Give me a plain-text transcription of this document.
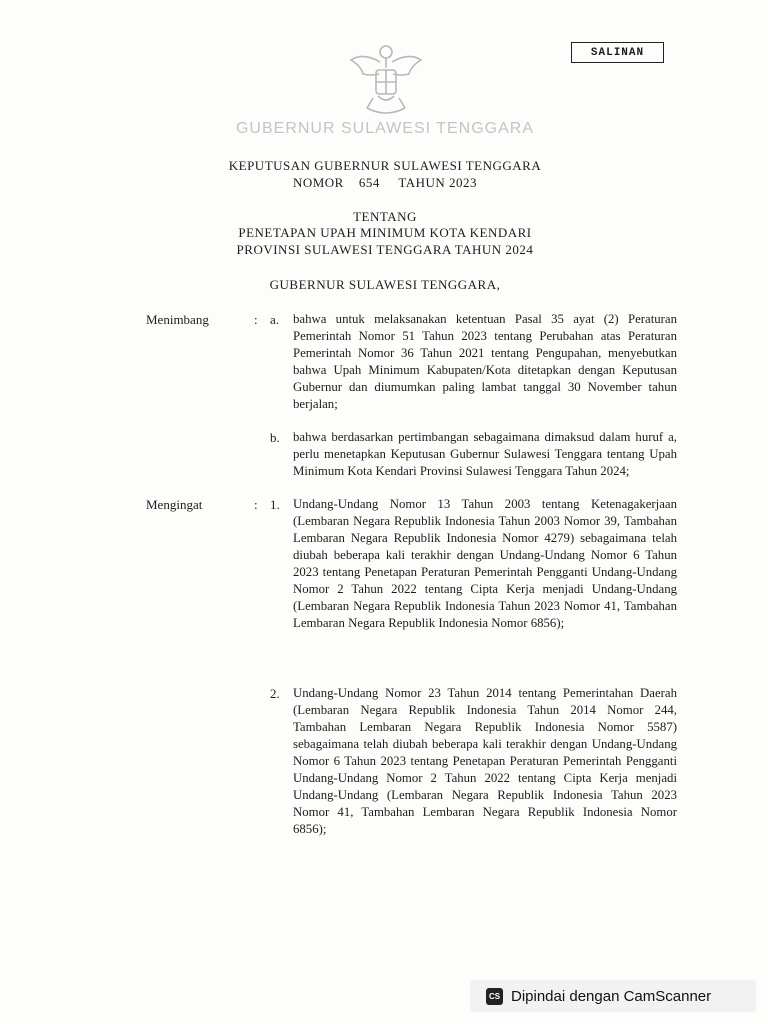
SALINAN
GUBERNUR SULAWESI TENGGARA
KEPUTUSAN GUBERNUR SULAWESI TENGGARA
NOMOR    654     TAHUN 2023
TENTANG
PENETAPAN UPAH MINIMUM KOTA KENDARI
PROVINSI SULAWESI TENGGARA TAHUN 2024
GUBERNUR SULAWESI TENGGARA,
Menimbang	: a. bahwa untuk melaksanakan ketentuan Pasal 35 ayat (2) Peraturan Pemerintah Nomor 51 Tahun 2023 tentang Perubahan atas Peraturan Pemerintah Nomor 36 Tahun 2021 tentang Pengupahan, menyebutkan bahwa Upah Minimum Kabupaten/Kota ditetapkan dengan Keputusan Gubernur dan diumumkan paling lambat tanggal 30 November tahun berjalan;
b. bahwa berdasarkan pertimbangan sebagaimana dimaksud dalam huruf a, perlu menetapkan Keputusan Gubernur Sulawesi Tenggara tentang Upah Minimum Kota Kendari Provinsi Sulawesi Tenggara Tahun 2024;
Mengingat	: 1. Undang-Undang Nomor 13 Tahun 2003 tentang Ketenagakerjaan (Lembaran Negara Republik Indonesia Tahun 2003 Nomor 39, Tambahan Lembaran Negara Republik Indonesia Nomor 4279) sebagaimana telah diubah beberapa kali terakhir dengan Undang-Undang Nomor 6 Tahun 2023 tentang Penetapan Peraturan Pemerintah Pengganti Undang-Undang Nomor 2 Tahun 2022 tentang Cipta Kerja menjadi Undang-Undang (Lembaran Negara Republik Indonesia Tahun 2023 Nomor 41, Tambahan Lembaran Negara Republik Indonesia Nomor 6856);
2. Undang-Undang Nomor 23 Tahun 2014 tentang Pemerintahan Daerah (Lembaran Negara Republik Indonesia Tahun 2014 Nomor 244, Tambahan Lembaran Negara Republik Indonesia Nomor 5587) sebagaimana telah diubah beberapa kali terakhir dengan Undang-Undang Nomor 6 Tahun 2023 tentang Penetapan Peraturan Pemerintah Pengganti Undang-Undang Nomor 2 Tahun 2022 tentang Cipta Kerja menjadi Undang-Undang (Lembaran Negara Republik Indonesia Tahun 2023 Nomor 41, Tambahan Lembaran Negara Republik Indonesia Nomor 6856);
CS Dipindai dengan CamScanner
